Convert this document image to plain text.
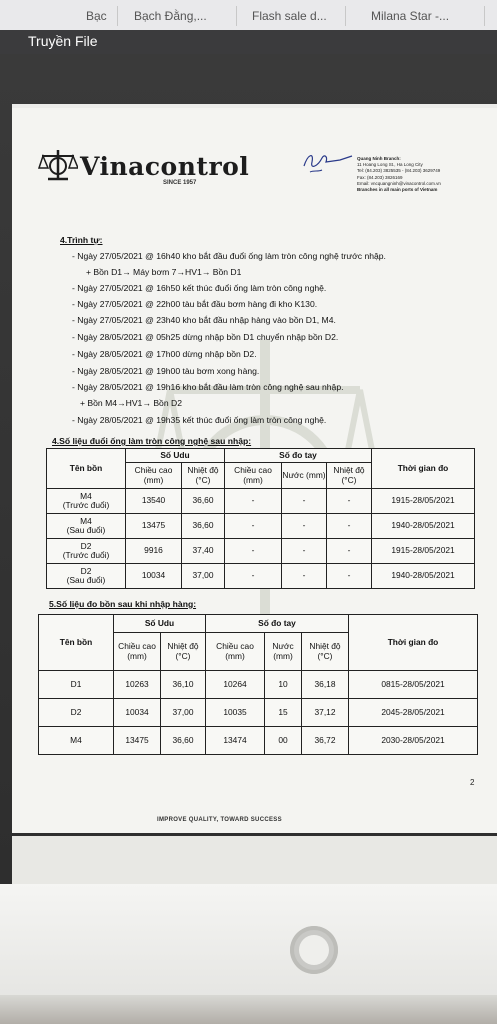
Bạc Bạch Đằng,...	Flash sale d...	Milana Star -...
Truyền File
Vinacontrol
SINCE 1957
Quang Ninh Branch:
11 Hoang Long St., Ha Long City
Tel: (84.203) 3825535 - (84.203) 3629749
Fax: (84.203) 3826169
Email: vncquangninh@vinacontrol.com.vn
Branches in all main ports of Vietnam
4.Trình tự:
- Ngày 27/05/2021 @ 16h40 kho bắt đầu đuổi ống làm tròn công nghệ trước nhập.
+ Bồn D1→ Máy bơm 7→HV1→ Bồn D1
- Ngày 27/05/2021 @ 16h50 kết thúc đuổi ống làm tròn công nghệ.
- Ngày 27/05/2021 @ 22h00 tàu bắt đầu bơm hàng đi kho K130.
- Ngày 27/05/2021 @ 23h40 kho bắt đầu nhập hàng vào bồn D1, M4.
- Ngày 28/05/2021 @ 05h25 dừng nhập bồn D1 chuyển nhập bồn D2.
- Ngày 28/05/2021 @ 17h00 dừng nhập bồn D2.
- Ngày 28/05/2021 @ 19h00 tàu bơm xong hàng.
- Ngày 28/05/2021 @ 19h16 kho bắt đầu làm tròn công nghệ sau nhập.
+ Bồn M4→HV1→ Bồn D2
- Ngày 28/05/2021 @ 19h35 kết thúc đuổi ống làm tròn công nghệ.
4.Số liệu đuổi ống làm tròn công nghệ sau nhập:
Tên bồn	Số Udu		Số đo tay			Thời gian đo
	Chiều cao (mm)	Nhiệt độ (°C)	Chiều cao (mm)	Nước (mm)	Nhiệt độ (°C)	
M4
(Trước đuổi)	13540	36,60	-	-	-	1915-28/05/2021
M4
(Sau đuổi)	13475	36,60	-	-	-	1940-28/05/2021
D2
(Trước đuổi)	9916	37,40	-	-	-	1915-28/05/2021
D2
(Sau đuổi)	10034	37,00	-	-	-	1940-28/05/2021
5.Số liệu đo bồn sau khi nhập hàng:
Tên bồn	Số Udu		Số đo tay			Thời gian đo
	Chiều cao (mm)	Nhiệt độ (°C)	Chiều cao (mm)	Nước (mm)	Nhiệt độ (°C)	
D1	10263	36,10	10264	10	36,18	0815-28/05/2021
D2	10034	37,00	10035	15	37,12	2045-28/05/2021
M4	13475	36,60	13474	00	36,72	2030-28/05/2021
2
IMPROVE QUALITY, TOWARD SUCCESS
